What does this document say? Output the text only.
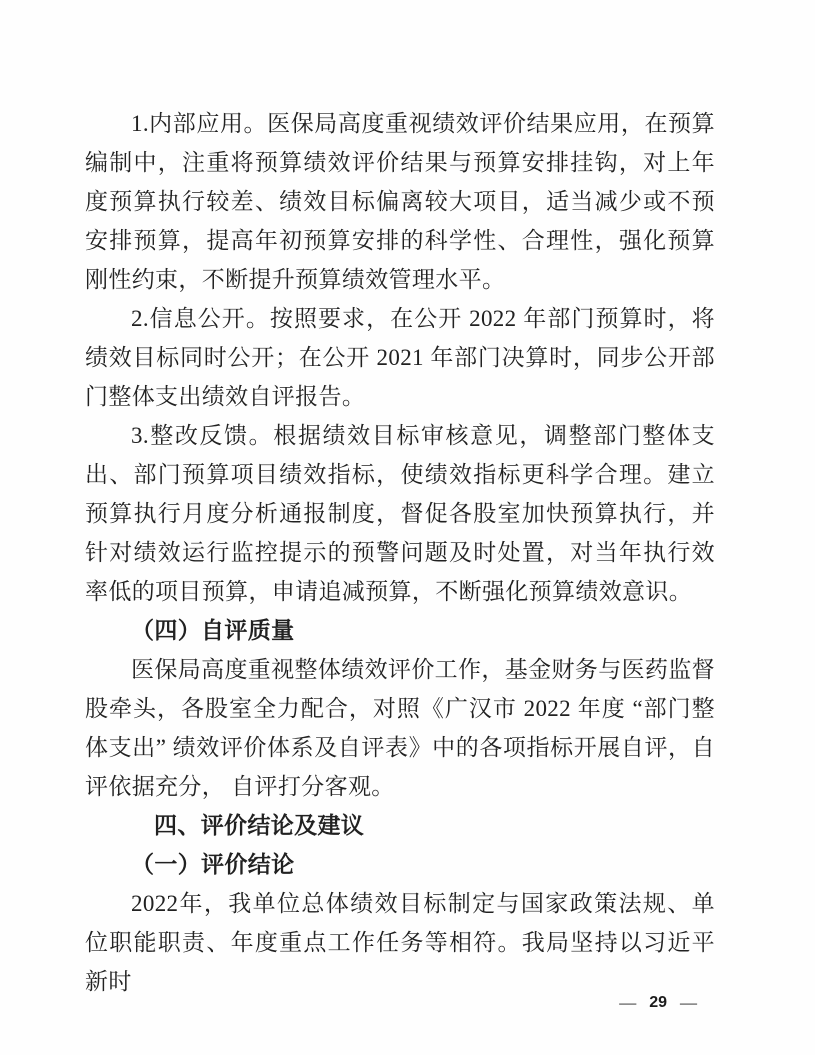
1.内部应用。医保局高度重视绩效评价结果应用，在预算编制中，注重将预算绩效评价结果与预算安排挂钩，对上年度预算执行较差、绩效目标偏离较大项目，适当减少或不预安排预算，提高年初预算安排的科学性、合理性，强化预算刚性约束，不断提升预算绩效管理水平。

2.信息公开。按照要求，在公开 2022 年部门预算时，将绩效目标同时公开；在公开 2021 年部门决算时，同步公开部门整体支出绩效自评报告。

3.整改反馈。根据绩效目标审核意见，调整部门整体支出、部门预算项目绩效指标，使绩效指标更科学合理。建立预算执行月度分析通报制度，督促各股室加快预算执行，并针对绩效运行监控提示的预警问题及时处置，对当年执行效率低的项目预算，申请追减预算，不断强化预算绩效意识。

（四）自评质量

医保局高度重视整体绩效评价工作，基金财务与医药监督股牵头，各股室全力配合，对照《广汉市 2022 年度 “部门整体支出” 绩效评价体系及自评表》中的各项指标开展自评，自评依据充分， 自评打分客观。

四、评价结论及建议
（一）评价结论

2022年，我单位总体绩效目标制定与国家政策法规、单位职能职责、年度重点工作任务等相符。我局坚持以习近平新时

— 29 —
